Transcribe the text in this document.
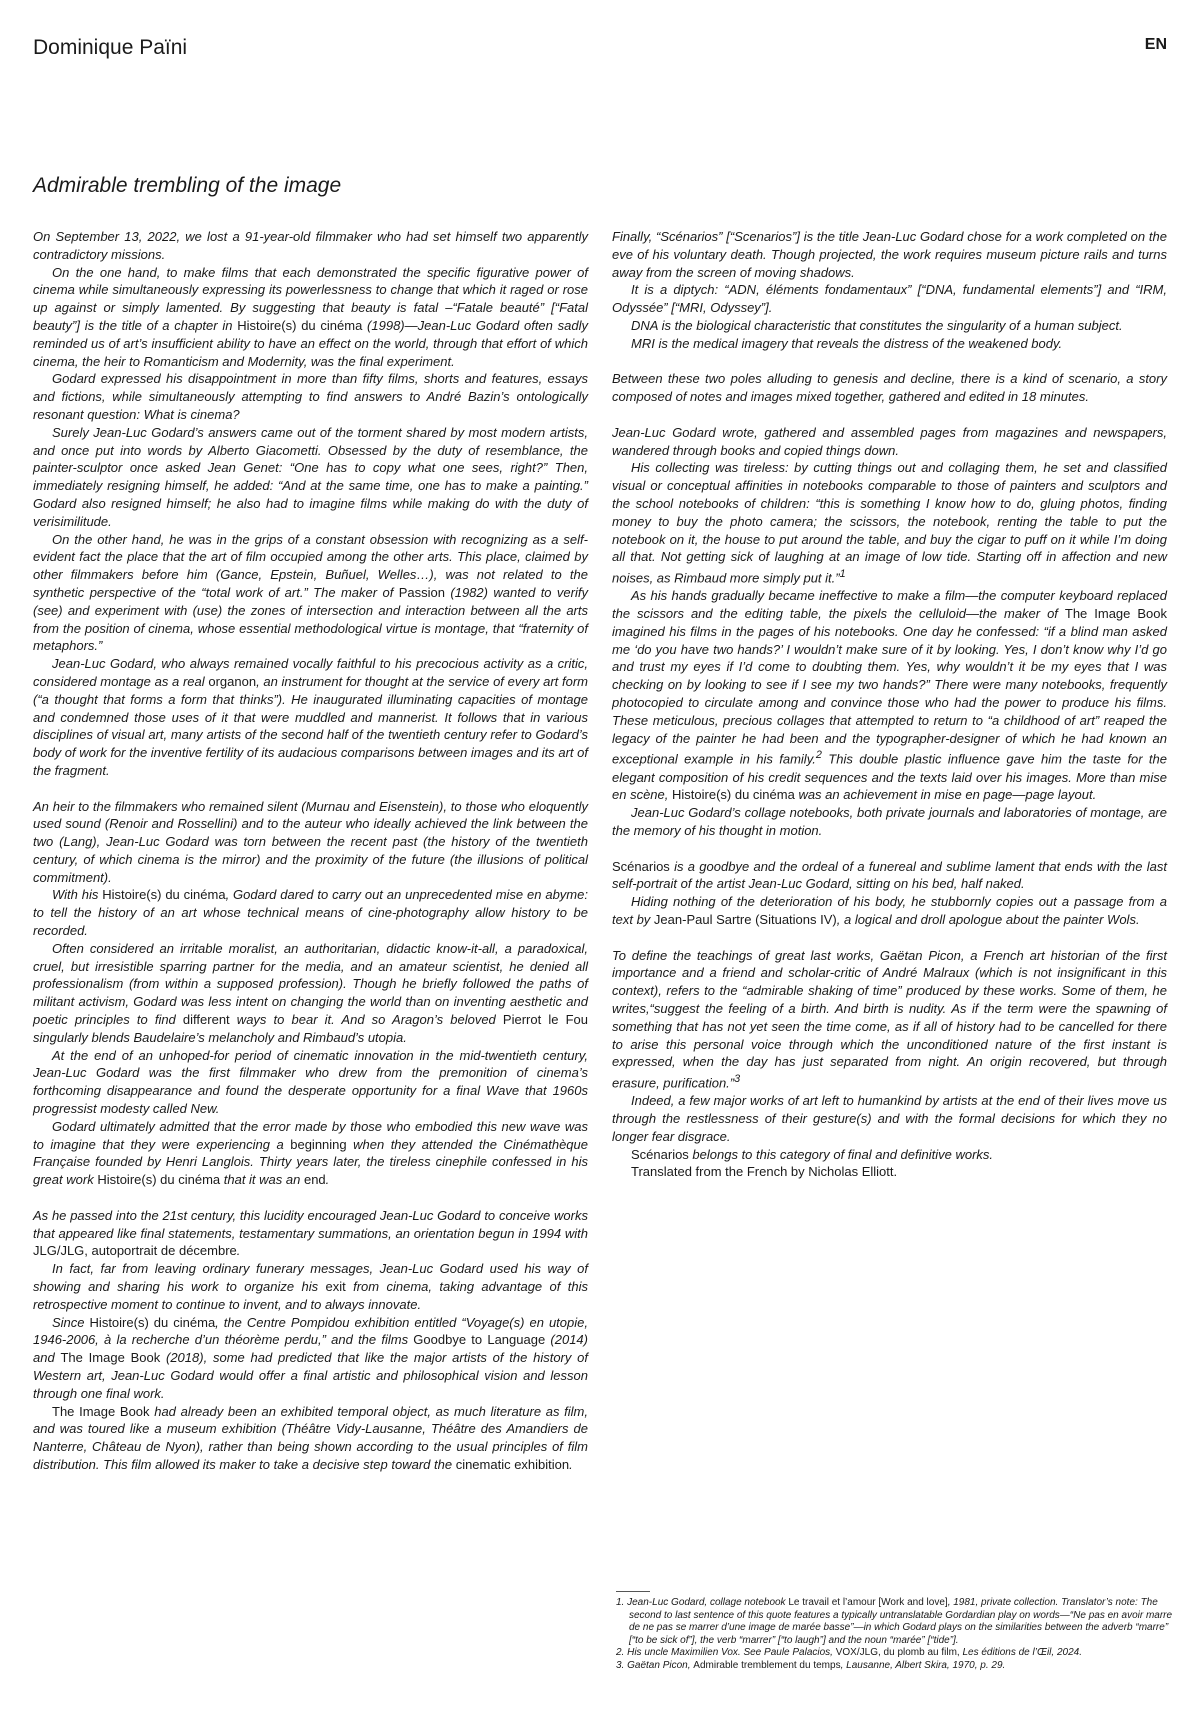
Dominique Païni	EN
Admirable trembling of the image

On September 13, 2022, we lost a 91-year-old filmmaker who had set himself two apparently contradictory missions.

On the one hand, to make films that each demonstrated the specific figurative power of cinema while simultaneously expressing its powerlessness to change that which it raged or rose up against or simply lamented. By suggesting that beauty is fatal –“Fatale beauté” [“Fatal beauty”] is the title of a chapter in Histoire(s) du cinéma (1998)—Jean-Luc Godard often sadly reminded us of art’s insufficient ability to have an effect on the world, through that effort of which cinema, the heir to Romanticism and Modernity, was the final experiment.

Godard expressed his disappointment in more than fifty films, shorts and features, essays and fictions, while simultaneously attempting to find answers to André Bazin’s ontologically resonant question: What is cinema?

Surely Jean-Luc Godard’s answers came out of the torment shared by most modern artists, and once put into words by Alberto Giacometti. Obsessed by the duty of resemblance, the painter-sculptor once asked Jean Genet: “One has to copy what one sees, right?” Then, immediately resigning himself, he added: “And at the same time, one has to make a painting.” Godard also resigned himself; he also had to imagine films while making do with the duty of verisimilitude.

On the other hand, he was in the grips of a constant obsession with recognizing as a self-evident fact the place that the art of film occupied among the other arts. This place, claimed by other filmmakers before him (Gance, Epstein, Buñuel, Welles…), was not related to the synthetic perspective of the “total work of art.” The maker of Passion (1982) wanted to verify (see) and experiment with (use) the zones of intersection and interaction between all the arts from the position of cinema, whose essential methodological virtue is montage, that “fraternity of metaphors.”

Jean-Luc Godard, who always remained vocally faithful to his precocious activity as a critic, considered montage as a real organon, an instrument for thought at the service of every art form (“a thought that forms a form that thinks”). He inaugurated illuminating capacities of montage and condemned those uses of it that were muddled and mannerist. It follows that in various disciplines of visual art, many artists of the second half of the twentieth century refer to Godard’s body of work for the inventive fertility of its audacious comparisons between images and its art of the fragment.

An heir to the filmmakers who remained silent (Murnau and Eisenstein), to those who eloquently used sound (Renoir and Rossellini) and to the auteur who ideally achieved the link between the two (Lang), Jean-Luc Godard was torn between the recent past (the history of the twentieth century, of which cinema is the mirror) and the proximity of the future (the illusions of political commitment).

With his Histoire(s) du cinéma, Godard dared to carry out an unprecedented mise en abyme: to tell the history of an art whose technical means of cine-photography allow history to be recorded.

Often considered an irritable moralist, an authoritarian, didactic know-it-all, a paradoxical, cruel, but irresistible sparring partner for the media, and an amateur scientist, he denied all professionalism (from within a supposed profession). Though he briefly followed the paths of militant activism, Godard was less intent on changing the world than on inventing aesthetic and poetic principles to find different ways to bear it. And so Aragon’s beloved Pierrot le Fou singularly blends Baudelaire’s melancholy and Rimbaud’s utopia.

At the end of an unhoped-for period of cinematic innovation in the mid-twentieth century, Jean-Luc Godard was the first filmmaker who drew from the premonition of cinema’s forthcoming disappearance and found the desperate opportunity for a final Wave that 1960s progressist modesty called New.

Godard ultimately admitted that the error made by those who embodied this new wave was to imagine that they were experiencing a beginning when they attended the Cinémathèque Française founded by Henri Langlois. Thirty years later, the tireless cinephile confessed in his great work Histoire(s) du cinéma that it was an end.

As he passed into the 21st century, this lucidity encouraged Jean-Luc Godard to conceive works that appeared like final statements, testamentary summations, an orientation begun in 1994 with JLG/JLG, autoportrait de décembre.

In fact, far from leaving ordinary funerary messages, Jean-Luc Godard used his way of showing and sharing his work to organize his exit from cinema, taking advantage of this retrospective moment to continue to invent, and to always innovate.

Since Histoire(s) du cinéma, the Centre Pompidou exhibition entitled “Voyage(s) en utopie, 1946-2006, à la recherche d’un théorème perdu,” and the films Goodbye to Language (2014) and The Image Book (2018), some had predicted that like the major artists of the history of Western art, Jean-Luc Godard would offer a final artistic and philosophical vision and lesson through one final work.

The Image Book had already been an exhibited temporal object, as much literature as film, and was toured like a museum exhibition (Théâtre Vidy-Lausanne, Théâtre des Amandiers de Nanterre, Château de Nyon), rather than being shown according to the usual principles of film distribution. This film allowed its maker to take a decisive step toward the cinematic exhibition.

Finally, “Scénarios” [“Scenarios”] is the title Jean-Luc Godard chose for a work completed on the eve of his voluntary death. Though projected, the work requires museum picture rails and turns away from the screen of moving shadows.

It is a diptych: “ADN, éléments fondamentaux” [“DNA, fundamental elements”] and “IRM, Odyssée” [“MRI, Odyssey”].

DNA is the biological characteristic that constitutes the singularity of a human subject.

MRI is the medical imagery that reveals the distress of the weakened body.

Between these two poles alluding to genesis and decline, there is a kind of scenario, a story composed of notes and images mixed together, gathered and edited in 18 minutes.

Jean-Luc Godard wrote, gathered and assembled pages from magazines and newspapers, wandered through books and copied things down.

His collecting was tireless: by cutting things out and collaging them, he set and classified visual or conceptual affinities in notebooks comparable to those of painters and sculptors and the school notebooks of children: “this is something I know how to do, gluing photos, finding money to buy the photo camera; the scissors, the notebook, renting the table to put the notebook on it, the house to put around the table, and buy the cigar to puff on it while I’m doing all that. Not getting sick of laughing at an image of low tide. Starting off in affection and new noises, as Rimbaud more simply put it.”$^1$

As his hands gradually became ineffective to make a film—the computer keyboard replaced the scissors and the editing table, the pixels the celluloid—the maker of The Image Book imagined his films in the pages of his notebooks. One day he confessed: “if a blind man asked me ‘do you have two hands?’ I wouldn’t make sure of it by looking. Yes, I don’t know why I’d go and trust my eyes if I’d come to doubting them. Yes, why wouldn’t it be my eyes that I was checking on by looking to see if I see my two hands?” There were many notebooks, frequently photocopied to circulate among and convince those who had the power to produce his films. These meticulous, precious collages that attempted to return to “a childhood of art” reaped the legacy of the painter he had been and the typographer-designer of which he had known an exceptional example in his family.$^2$ This double plastic influence gave him the taste for the elegant composition of his credit sequences and the texts laid over his images. More than mise en scène, Histoire(s) du cinéma was an achievement in mise en page—page layout.

Jean-Luc Godard’s collage notebooks, both private journals and laboratories of montage, are the memory of his thought in motion.

Scénarios is a goodbye and the ordeal of a funereal and sublime lament that ends with the last self-portrait of the artist Jean-Luc Godard, sitting on his bed, half naked.

Hiding nothing of the deterioration of his body, he stubbornly copies out a passage from a text by Jean-Paul Sartre (Situations IV), a logical and droll apologue about the painter Wols.

To define the teachings of great last works, Gaëtan Picon, a French art historian of the first importance and a friend and scholar-critic of André Malraux (which is not insignificant in this context), refers to the “admirable shaking of time” produced by these works. Some of them, he writes,“suggest the feeling of a birth. And birth is nudity. As if the term were the spawning of something that has not yet seen the time come, as if all of history had to be cancelled for there to arise this personal voice through which the unconditioned nature of the first instant is expressed, when the day has just separated from night. An origin recovered, but through erasure, purification.”$^3$

Indeed, a few major works of art left to humankind by artists at the end of their lives move us through the restlessness of their gesture(s) and with the formal decisions for which they no longer fear disgrace.

Scénarios belongs to this category of final and definitive works.

Translated from the French by Nicholas Elliott.

1. Jean-Luc Godard, collage notebook Le travail et l’amour [Work and love], 1981, private collection. Translator’s note: The second to last sentence of this quote features a typically untranslatable Gordardian play on words—“Ne pas en avoir marre de ne pas se marrer d’une image de marée basse”—in which Godard plays on the similarities between the adverb “marre” [“to be sick of”], the verb “marrer” [“to laugh”] and the noun “marée” [“tide”].
2. His uncle Maximilien Vox. See Paule Palacios, VOX/JLG, du plomb au film, Les éditions de l’Œil, 2024.
3. Gaëtan Picon, Admirable tremblement du temps, Lausanne, Albert Skira, 1970, p. 29.
